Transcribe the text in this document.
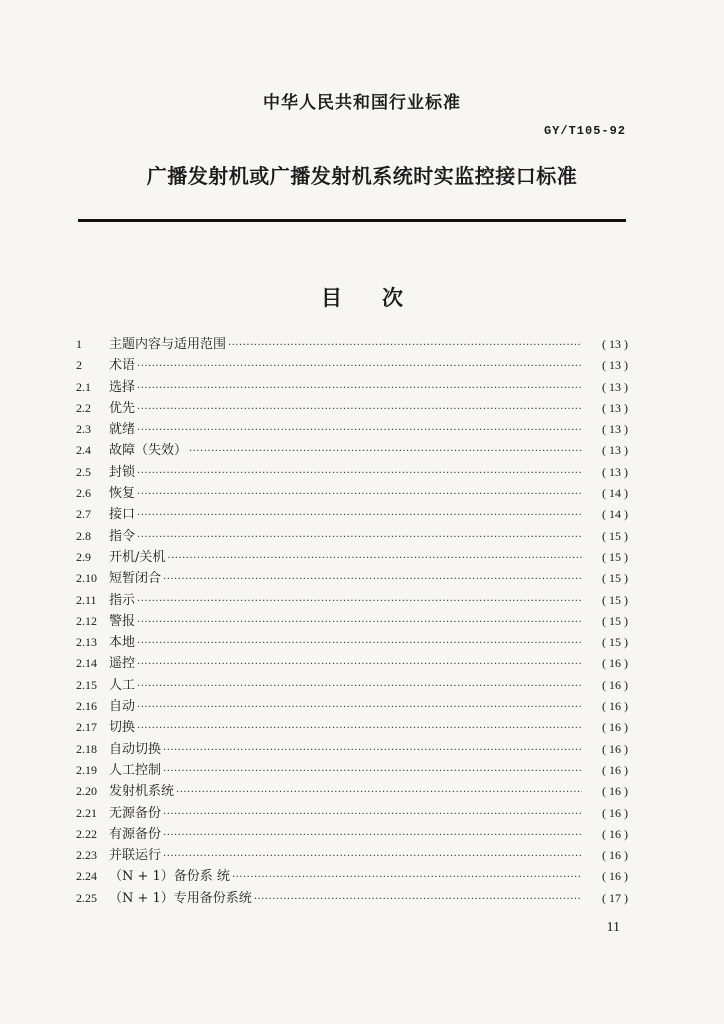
中华人民共和国行业标准
GY/T105-92
广播发射机或广播发射机系统时实监控接口标准
目 次
1	主题内容与适用范围 ·····	( 13 )
2	术语 ·····	( 13 )
2.1	选择 ·····	( 13 )
2.2	优先 ·····	( 13 )
2.3	就绪 ·····	( 13 )
2.4	故障（失效） ·····	( 13 )
2.5	封锁 ·····	( 13 )
2.6	恢复 ·····	( 14 )
2.7	接口 ·····	( 14 )
2.8	指令 ·····	( 15 )
2.9	开机/关机 ·····	( 15 )
2.10 短暂闭合 ·····	( 15 )
2.11 指示 ·····	( 15 )
2.12 警报 ·····	( 15 )
2.13 本地 ·····	( 15 )
2.14 遥控 ·····	( 16 )
2.15 人工 ·····	( 16 )
2.16 自动 ·····	( 16 )
2.17 切换 ·····	( 16 )
2.18 自动切换 ·····	( 16 )
2.19 人工控制 ·····	( 16 )
2.20 发射机系统 ·····	( 16 )
2.21 无源备份 ·····	( 16 )
2.22 有源备份 ·····	( 16 )
2.23 并联运行 ·····	( 16 )
2.24 （N + 1）备份系 统 ·····	( 16 )
2.25 （N + 1）专用备份系统 ·····	( 17 )
11
